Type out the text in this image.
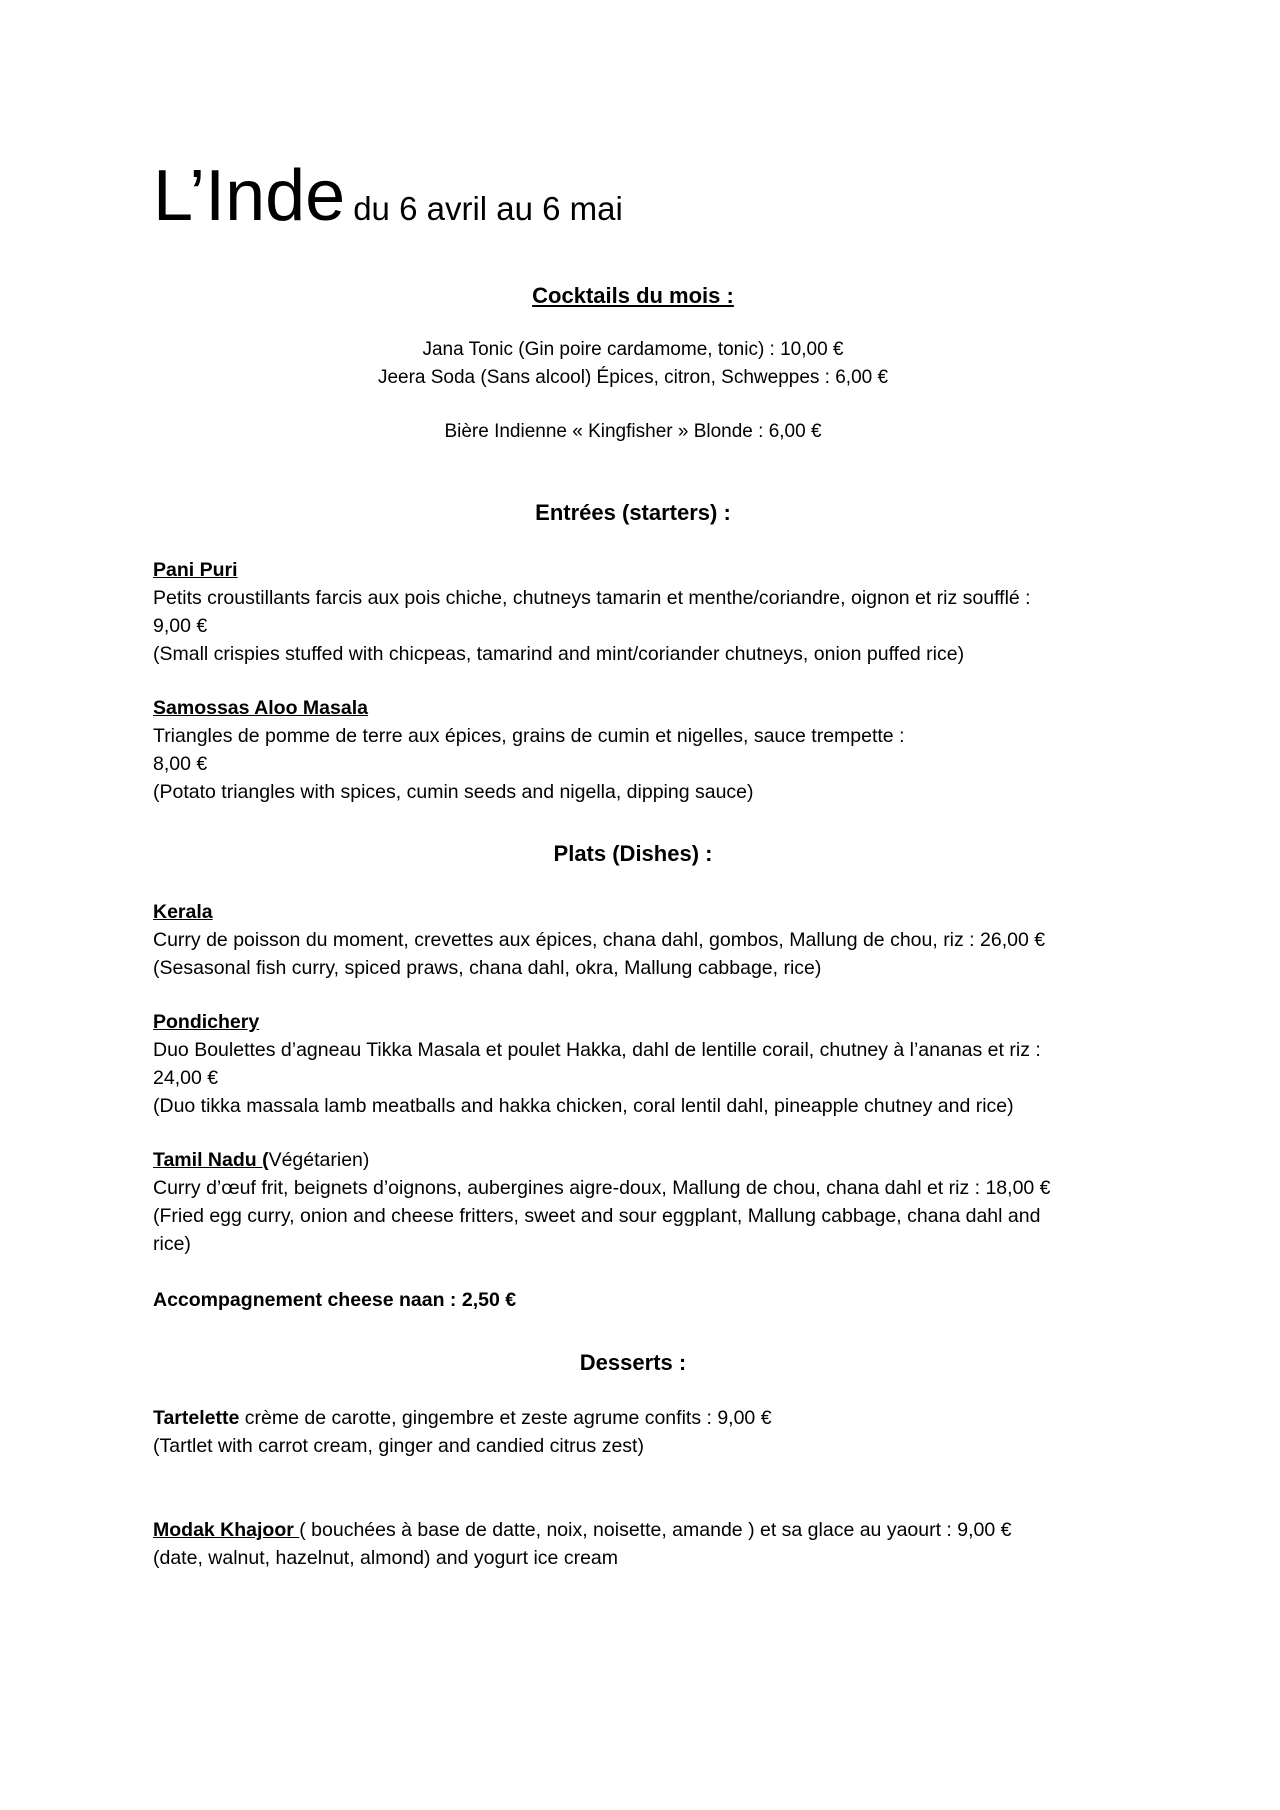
L’Inde du 6 avril au 6 mai
Cocktails du mois :
Jana Tonic (Gin poire cardamome, tonic) : 10,00 €
Jeera Soda (Sans alcool) Épices, citron, Schweppes : 6,00 €
Bière Indienne « Kingfisher » Blonde : 6,00 €
Entrées (starters) :
Pani Puri
Petits croustillants farcis aux pois chiche, chutneys tamarin et menthe/coriandre, oignon et riz soufflé :
9,00 €
(Small crispies stuffed with chicpeas, tamarind and mint/coriander chutneys, onion puffed rice)
Samossas Aloo Masala
Triangles de pomme de terre aux épices, grains de cumin et nigelles, sauce trempette :
8,00 €
(Potato triangles with spices, cumin seeds and nigella, dipping sauce)
Plats (Dishes) :
Kerala
Curry de poisson du moment, crevettes aux épices, chana dahl, gombos, Mallung de chou, riz : 26,00 €
(Sesasonal fish curry, spiced praws, chana dahl, okra, Mallung cabbage, rice)
Pondichery
Duo Boulettes d’agneau Tikka Masala et poulet Hakka, dahl de lentille corail, chutney à l’ananas et riz :
24,00 €
(Duo tikka massala lamb meatballs and hakka chicken, coral lentil dahl, pineapple chutney and rice)
Tamil Nadu (Végétarien)
Curry d’œuf frit, beignets d’oignons, aubergines aigre-doux, Mallung de chou, chana dahl et riz : 18,00 €
(Fried egg curry, onion and cheese fritters, sweet and sour eggplant, Mallung cabbage, chana dahl and
rice)
Accompagnement cheese naan : 2,50 €
Desserts :
Tartelette crème de carotte, gingembre et zeste agrume confits : 9,00 €
(Tartlet with carrot cream, ginger and candied citrus zest)
Modak Khajoor ( bouchées à base de datte, noix, noisette, amande ) et sa glace au yaourt : 9,00 €
(date, walnut, hazelnut, almond) and yogurt ice cream
